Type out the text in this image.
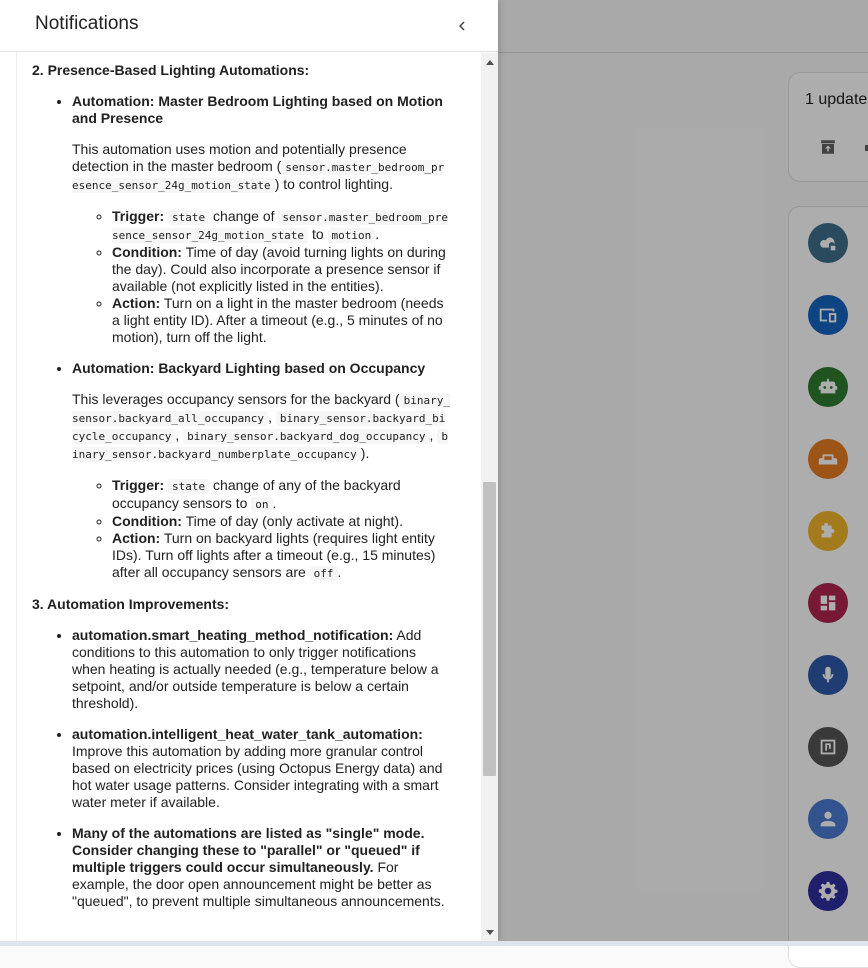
1 update
Notifications
2. Presence-Based Lighting Automations:
• Automation: Master Bedroom Lighting based on Motion and Presence

This automation uses motion and potentially presence detection in the master bedroom ( sensor.master_bedroom_presence_sensor_24g_motion_state ) to control lighting.

◦ Trigger: state change of sensor.master_bedroom_presence_sensor_24g_motion_state to motion .
◦ Condition: Time of day (avoid turning lights on during the day). Could also incorporate a presence sensor if available (not explicitly listed in the entities).
◦ Action: Turn on a light in the master bedroom (needs a light entity ID). After a timeout (e.g., 5 minutes of no motion), turn off the light.
• Automation: Backyard Lighting based on Occupancy

This leverages occupancy sensors for the backyard ( binary_sensor.backyard_all_occupancy , binary_sensor.backyard_bicycle_occupancy , binary_sensor.backyard_dog_occupancy , binary_sensor.backyard_numberplate_occupancy ).

◦ Trigger: state change of any of the backyard occupancy sensors to on .
◦ Condition: Time of day (only activate at night).
◦ Action: Turn on backyard lights (requires light entity IDs). Turn off lights after a timeout (e.g., 15 minutes) after all occupancy sensors are off .
3. Automation Improvements:
• automation.smart_heating_method_notification: Add conditions to this automation to only trigger notifications when heating is actually needed (e.g., temperature below a setpoint, and/or outside temperature is below a certain threshold).
• automation.intelligent_heat_water_tank_automation: Improve this automation by adding more granular control based on electricity prices (using Octopus Energy data) and hot water usage patterns. Consider integrating with a smart water meter if available.
• Many of the automations are listed as "single" mode. Consider changing these to "parallel" or "queued" if multiple triggers could occur simultaneously. For example, the door open announcement might be better as "queued", to prevent multiple simultaneous announcements.
